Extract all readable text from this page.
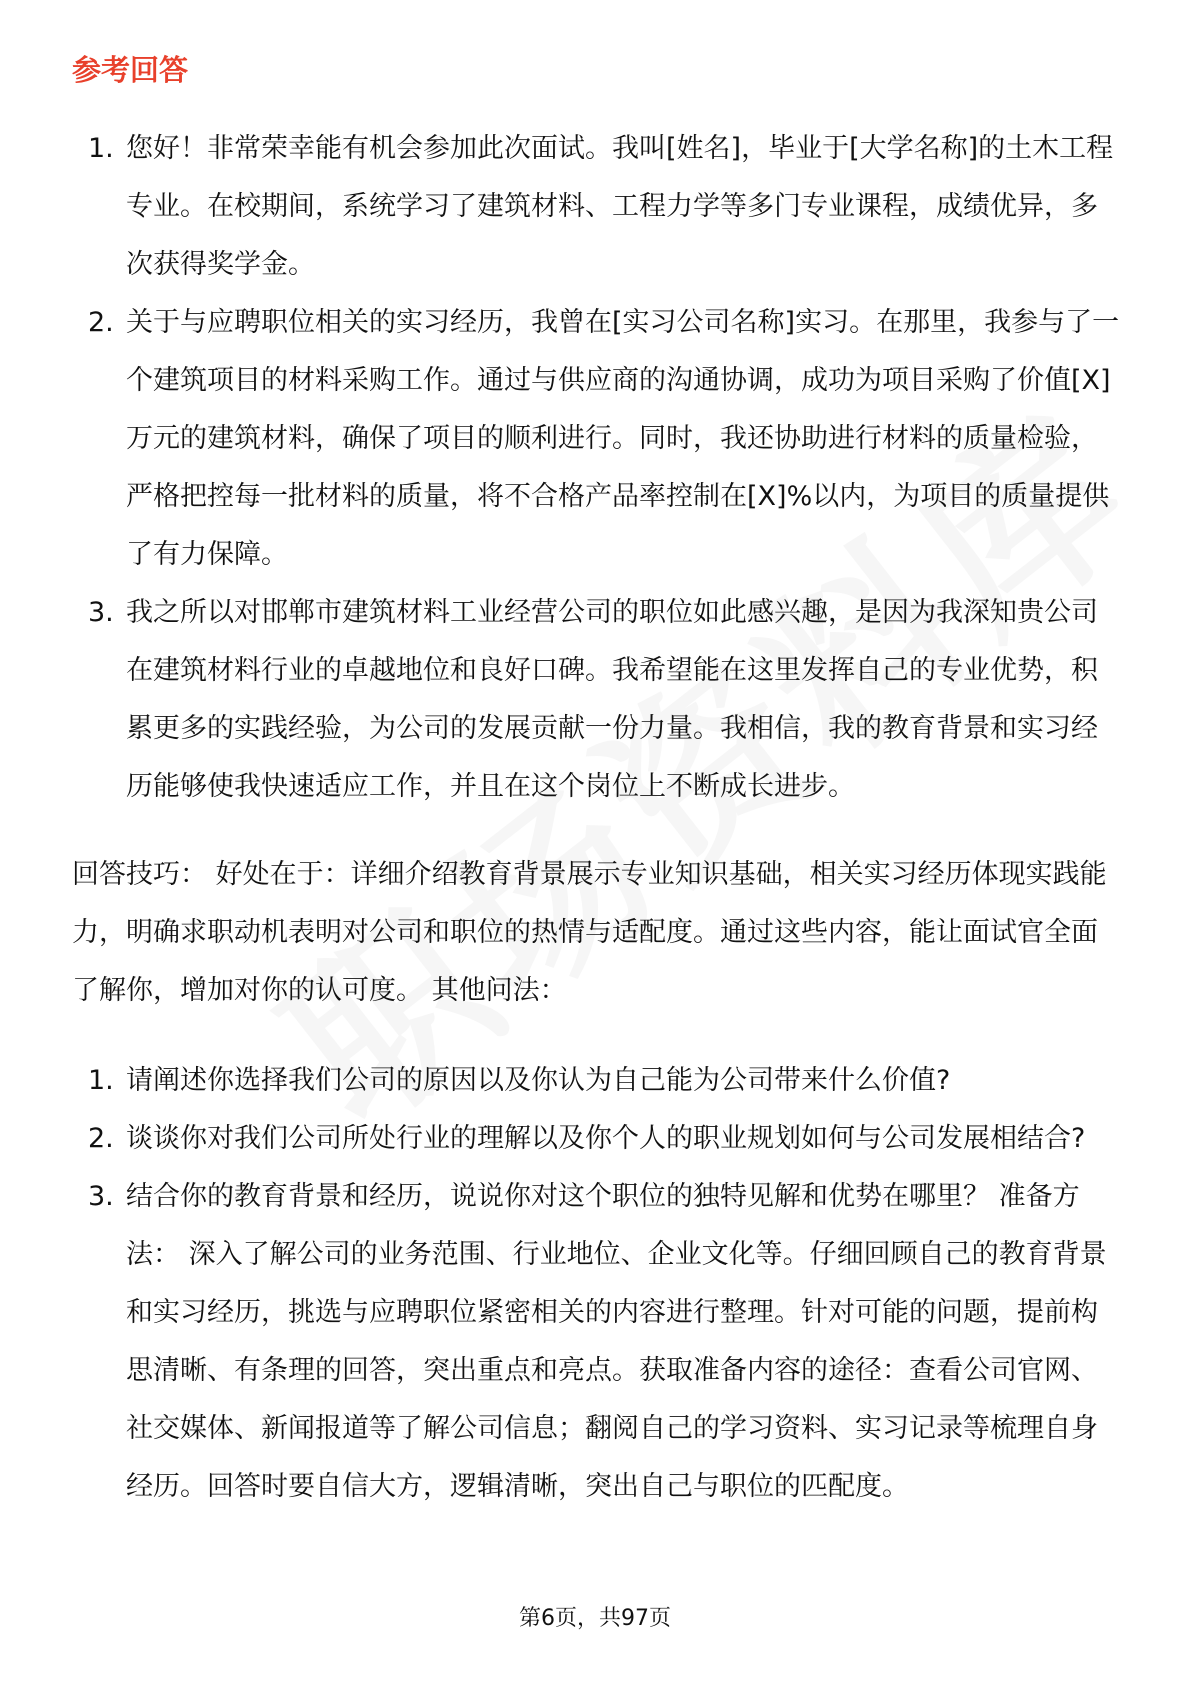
参考回答
1. 您好！非常荣幸能有机会参加此次面试。我叫[姓名]，毕业于[大学名称]的土木工程专业。在校期间，系统学习了建筑材料、工程力学等多门专业课程，成绩优异，多次获得奖学金。
2. 关于与应聘职位相关的实习经历，我曾在[实习公司名称]实习。在那里，我参与了一个建筑项目的材料采购工作。通过与供应商的沟通协调，成功为项目采购了价值[X]万元的建筑材料，确保了项目的顺利进行。同时，我还协助进行材料的质量检验，严格把控每一批材料的质量，将不合格产品率控制在[X]%以内，为项目的质量提供了有力保障。
3. 我之所以对邯郸市建筑材料工业经营公司的职位如此感兴趣，是因为我深知贵公司在建筑材料行业的卓越地位和良好口碑。我希望能在这里发挥自己的专业优势，积累更多的实践经验，为公司的发展贡献一份力量。我相信，我的教育背景和实习经历能够使我快速适应工作，并且在这个岗位上不断成长进步。

回答技巧： 好处在于：详细介绍教育背景展示专业知识基础，相关实习经历体现实践能力，明确求职动机表明对公司和职位的热情与适配度。通过这些内容，能让面试官全面了解你，增加对你的认可度。 其他问法：

1. 请阐述你选择我们公司的原因以及你认为自己能为公司带来什么价值?
2. 谈谈你对我们公司所处行业的理解以及你个人的职业规划如何与公司发展相结合?
3. 结合你的教育背景和经历，说说你对这个职位的独特见解和优势在哪里？ 准备方法： 深入了解公司的业务范围、行业地位、企业文化等。仔细回顾自己的教育背景和实习经历，挑选与应聘职位紧密相关的内容进行整理。针对可能的问题，提前构思清晰、有条理的回答，突出重点和亮点。获取准备内容的途径：查看公司官网、社交媒体、新闻报道等了解公司信息；翻阅自己的学习资料、实习记录等梳理自身经历。回答时要自信大方，逻辑清晰，突出自己与职位的匹配度。
第6页，共97页
